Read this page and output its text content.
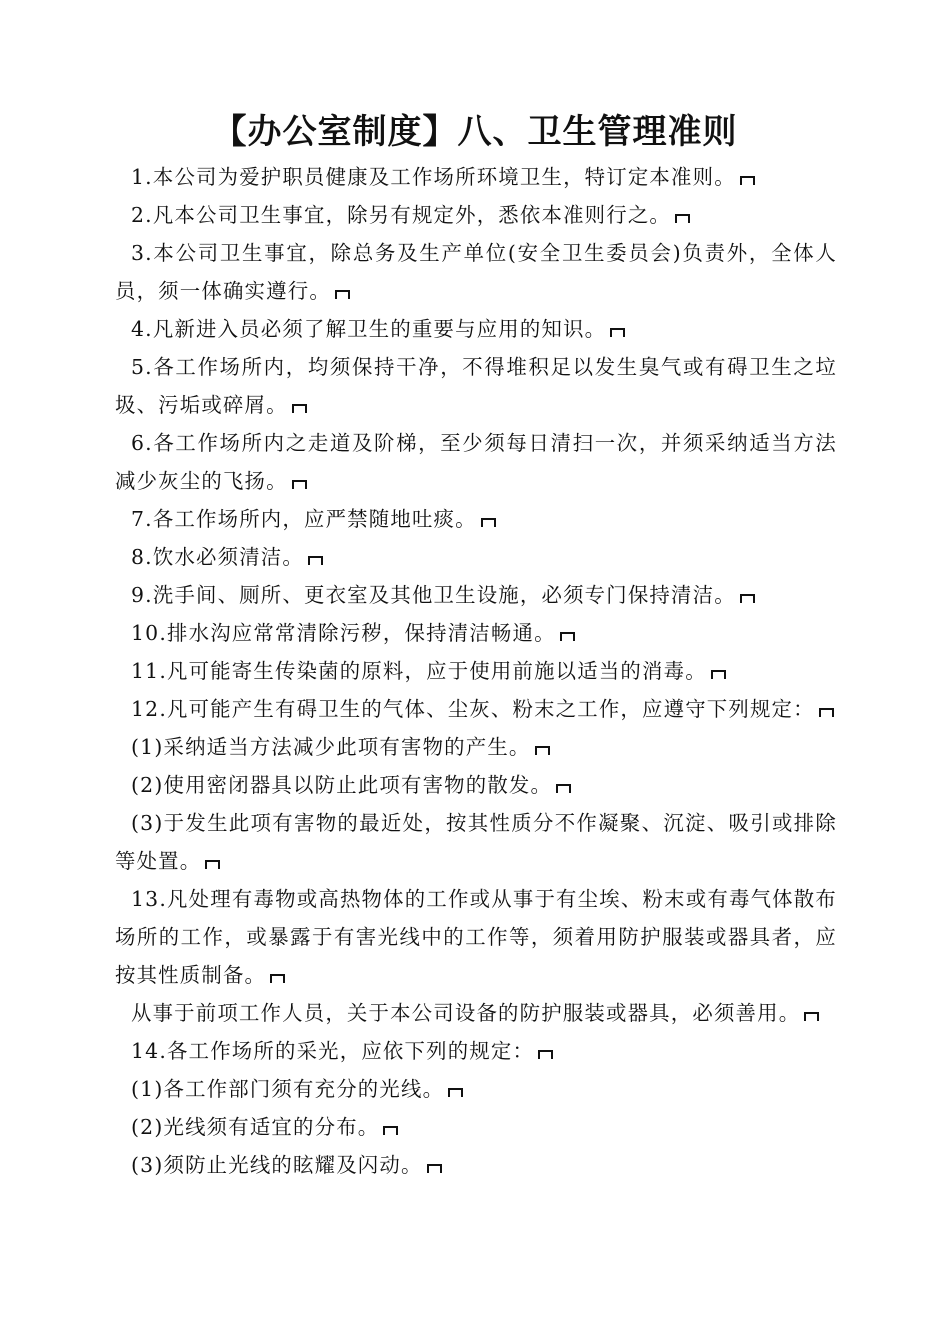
【办公室制度】八、卫生管理准则

1.本公司为爱护职员健康及工作场所环境卫生，特订定本准则。

2.凡本公司卫生事宜，除另有规定外，悉依本准则行之。

3.本公司卫生事宜，除总务及生产单位(安全卫生委员会)负责外，全体人员，须一体确实遵行。

4.凡新进入员必须了解卫生的重要与应用的知识。

5.各工作场所内，均须保持干净，不得堆积足以发生臭气或有碍卫生之垃圾、污垢或碎屑。

6.各工作场所内之走道及阶梯，至少须每日清扫一次，并须采纳适当方法减少灰尘的飞扬。

7.各工作场所内，应严禁随地吐痰。

8.饮水必须清洁。

9.洗手间、厕所、更衣室及其他卫生设施，必须专门保持清洁。

10.排水沟应常常清除污秽，保持清洁畅通。

11.凡可能寄生传染菌的原料，应于使用前施以适当的消毒。

12.凡可能产生有碍卫生的气体、尘灰、粉末之工作，应遵守下列规定：

(1)采纳适当方法减少此项有害物的产生。

(2)使用密闭器具以防止此项有害物的散发。

(3)于发生此项有害物的最近处，按其性质分不作凝聚、沉淀、吸引或排除等处置。

13.凡处理有毒物或高热物体的工作或从事于有尘埃、粉末或有毒气体散布场所的工作，或暴露于有害光线中的工作等，须着用防护服装或器具者，应按其性质制备。

从事于前项工作人员，关于本公司设备的防护服装或器具，必须善用。

14.各工作场所的采光，应依下列的规定：

(1)各工作部门须有充分的光线。

(2)光线须有适宜的分布。

(3)须防止光线的眩耀及闪动。
